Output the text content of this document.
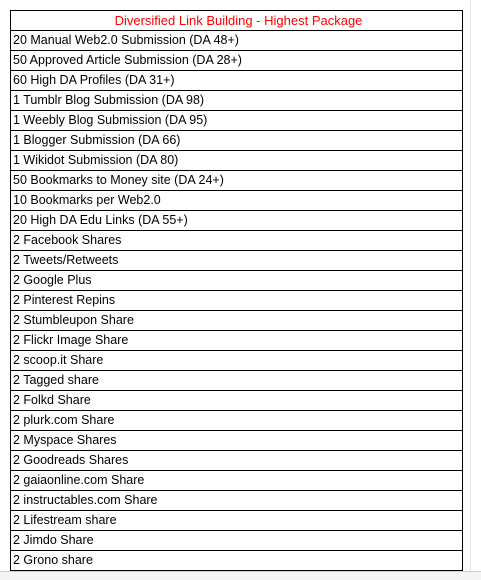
Diversified Link Building - Highest Package
20 Manual Web2.0 Submission (DA 48+)
50 Approved Article Submission (DA 28+)
60 High DA Profiles (DA 31+)
1 Tumblr Blog Submission (DA 98)
1 Weebly Blog Submission (DA 95)
1 Blogger Submission (DA 66)
1 Wikidot Submission (DA 80)
50 Bookmarks to Money site (DA 24+)
10 Bookmarks per Web2.0
20 High DA Edu Links (DA 55+)
2 Facebook Shares
2 Tweets/Retweets
2 Google Plus
2 Pinterest Repins
2 Stumbleupon Share
2 Flickr Image Share
2 scoop.it Share
2 Tagged share
2 Folkd Share
2 plurk.com Share
2 Myspace Shares
2 Goodreads Shares
2 gaiaonline.com Share
2 instructables.com Share
2 Lifestream share
2 Jimdo Share
2 Grono share
